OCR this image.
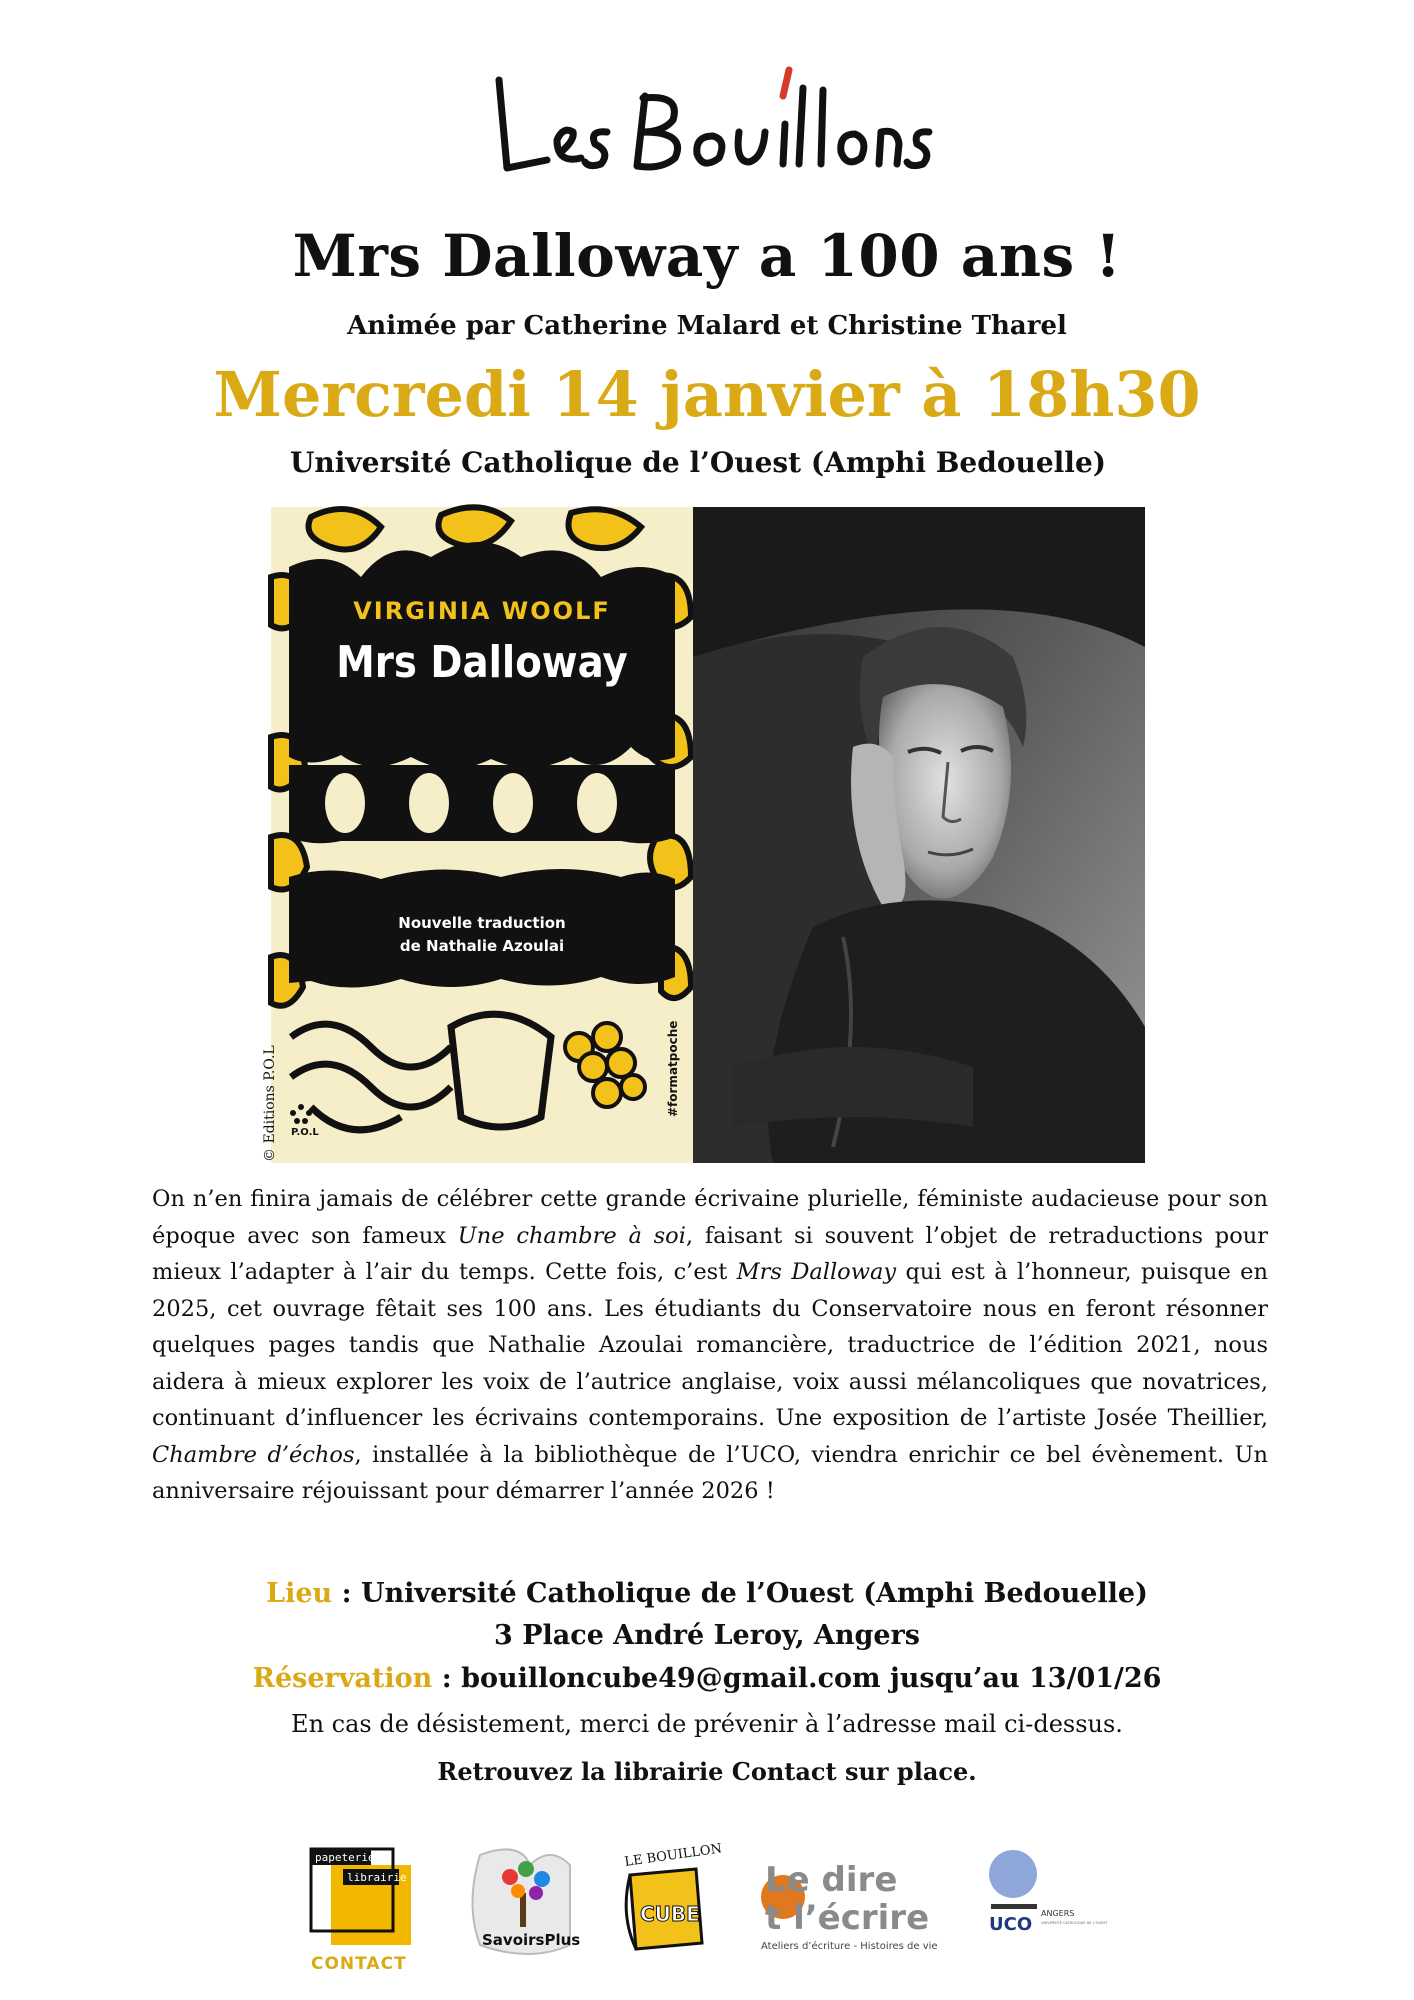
Les Bouillons
Mrs Dalloway a 100 ans !
Animée par Catherine Malard et Christine Tharel
Mercredi 14 janvier à 18h30
Université Catholique de l’Ouest (Amphi Bedouelle)
VIRGINIA WOOLF
Mrs Dalloway
Nouvelle traduction
de Nathalie Azoulai
P.O.L
#formatpoche
© Editions P.O.L
On n’en finira jamais de célébrer cette grande écrivaine plurielle, féministe audacieuse pour son époque avec son fameux Une chambre à soi, faisant si souvent l’objet de retraductions pour mieux l’adapter à l’air du temps. Cette fois, c’est Mrs Dalloway qui est à l’honneur, puisque en 2025, cet ouvrage fêtait ses 100 ans. Les étudiants du Conservatoire nous en feront résonner quelques pages tandis que Nathalie Azoulai romancière, traductrice de l’édition 2021, nous aidera à mieux explorer les voix de l’autrice anglaise, voix aussi mélancoliques que novatrices, continuant d’influencer les écrivains contemporains. Une exposition de l’artiste Josée Theillier, Chambre d’échos, installée à la bibliothèque de l’UCO, viendra enrichir ce bel évènement. Un anniversaire réjouissant pour démarrer l’année 2026 !
Lieu : Université Catholique de l’Ouest (Amphi Bedouelle)
3 Place André Leroy, Angers
Réservation : bouilloncube49@gmail.com jusqu’au 13/01/26
En cas de désistement, merci de prévenir à l’adresse mail ci-dessus.
Retrouvez la librairie Contact sur place.
papeterie
librairie
CONTACT
SavoirsPlus
LE BOUILLON
CUBE
Le dire
t l’écrire
Ateliers d’écriture - Histoires de vie
UCO
ANGERS
UNIVERSITÉ CATHOLIQUE DE L’OUEST
